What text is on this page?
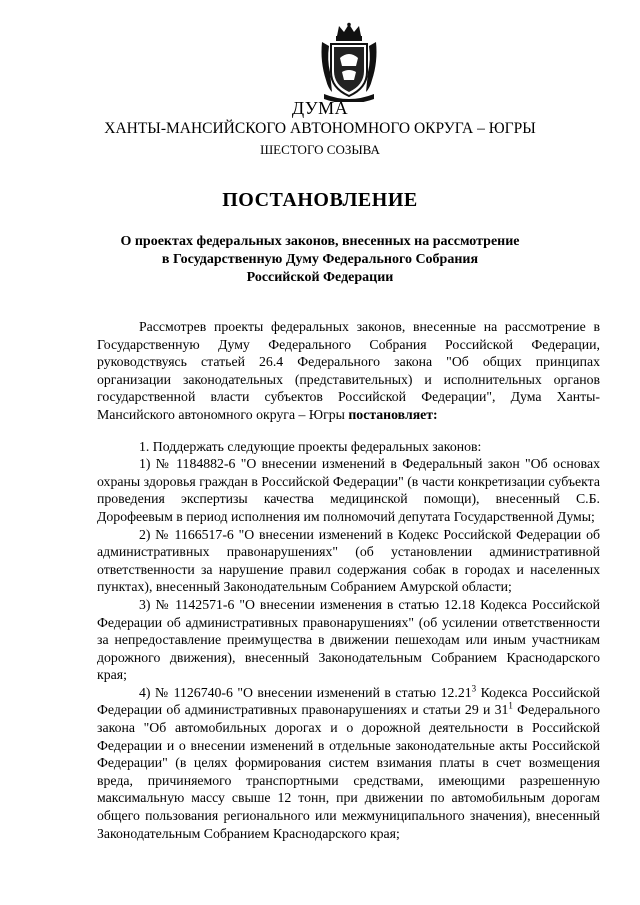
ДУМА
ХАНТЫ-МАНСИЙСКОГО АВТОНОМНОГО ОКРУГА – ЮГРЫ
ШЕСТОГО СОЗЫВА
ПОСТАНОВЛЕНИЕ
О проектах федеральных законов, внесенных на рассмотрение
в Государственную Думу Федерального Собрания
Российской Федерации

Рассмотрев проекты федеральных законов, внесенные на рассмотрение в Государственную Думу Федерального Собрания Российской Федерации, руководствуясь статьей 26.4 Федерального закона "Об общих принципах организации законодательных (представительных) и исполнительных органов государственной власти субъектов Российской Федерации", Дума Ханты-Мансийского автономного округа – Югры постановляет:

1. Поддержать следующие проекты федеральных законов:

1) № 1184882-6 "О внесении изменений в Федеральный закон "Об основах охраны здоровья граждан в Российской Федерации" (в части конкретизации субъекта проведения экспертизы качества медицинской помощи), внесенный С.Б. Дорофеевым в период исполнения им полномочий депутата Государственной Думы;

2) № 1166517-6 "О внесении изменений в Кодекс Российской Федерации об административных правонарушениях" (об установлении административной ответственности за нарушение правил содержания собак в городах и населенных пунктах), внесенный Законодательным Собранием Амурской области;

3) № 1142571-6 "О внесении изменения в статью 12.18 Кодекса Российской Федерации об административных правонарушениях" (об усилении ответственности за непредоставление преимущества в движении пешеходам или иным участникам дорожного движения), внесенный Законодательным Собранием Краснодарского края;

4) № 1126740-6 "О внесении изменений в статью 12.21$^3$ Кодекса Российской Федерации об административных правонарушениях и статьи 29 и $31^1$ Федерального закона "Об автомобильных дорогах и о дорожной деятельности в Российской Федерации и о внесении изменений в отдельные законодательные акты Российской Федерации" (в целях формирования систем взимания платы в счет возмещения вреда, причиняемого транспортными средствами, имеющими разрешенную максимальную массу свыше 12 тонн, при движении по автомобильным дорогам общего пользования регионального или межмуниципального значения), внесенный Законодательным Собранием Краснодарского края;
